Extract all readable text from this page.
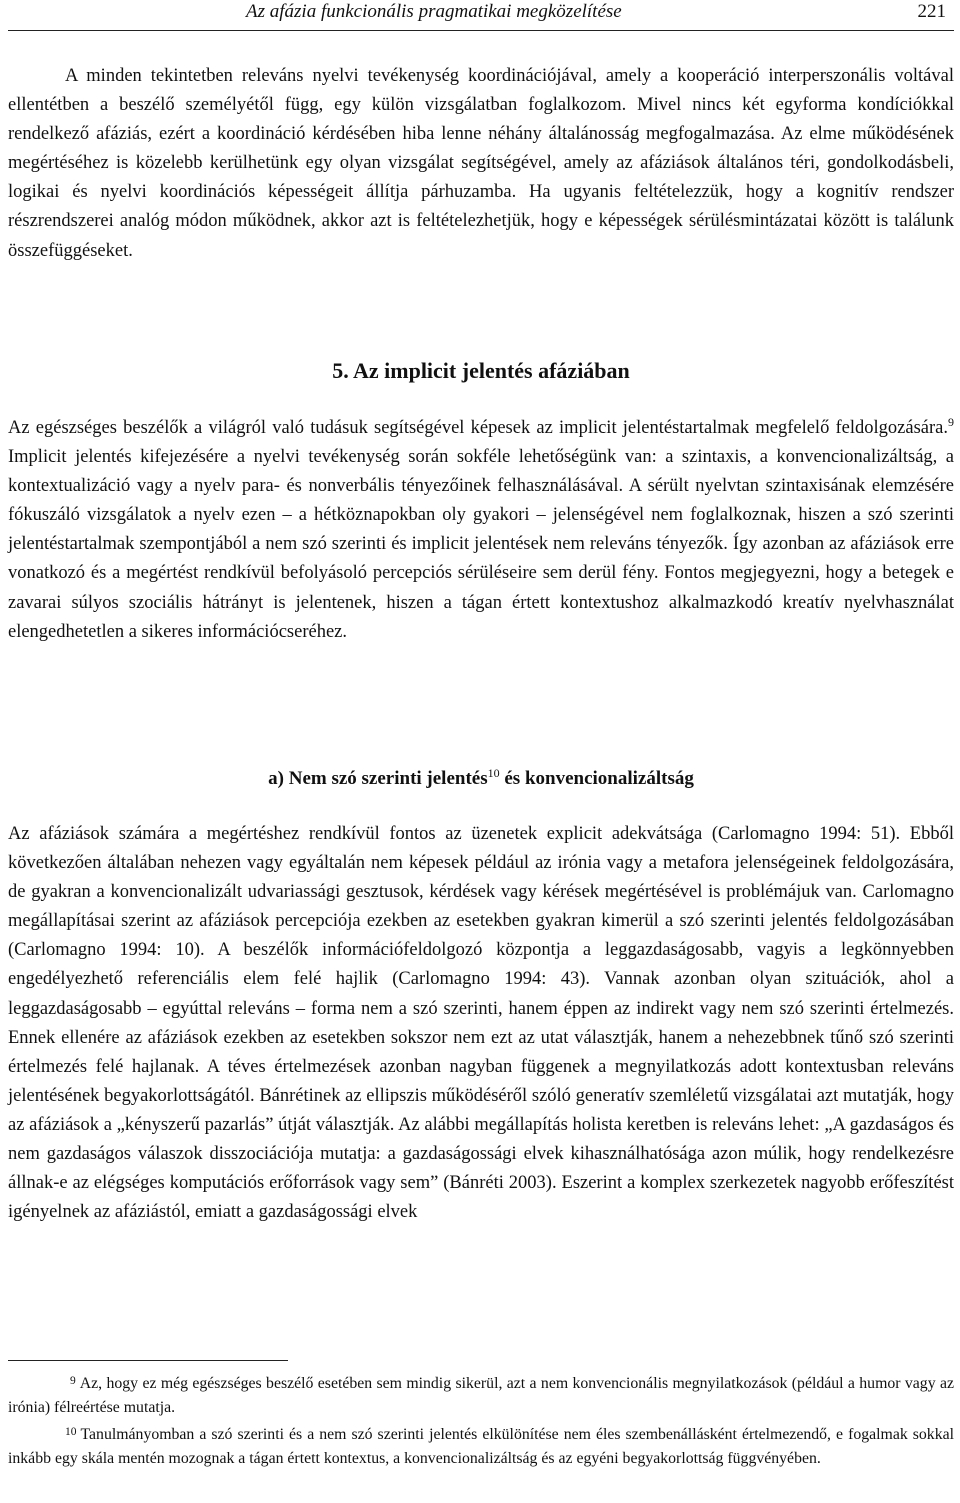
Az afázia funkcionális pragmatikai megközelítése	221

A minden tekintetben releváns nyelvi tevékenység koordinációjával, amely a kooperáció interperszonális voltával ellentétben a beszélő személyétől függ, egy külön vizsgálatban foglalkozom. Mivel nincs két egyforma kondíciókkal rendelkező afáziás, ezért a koordináció kérdésében hiba lenne néhány általánosság megfogalmazása. Az elme működésének megértéséhez is közelebb kerülhetünk egy olyan vizsgálat segítségével, amely az afáziások általános téri, gondolkodásbeli, logikai és nyelvi koordinációs képességeit állítja párhuzamba. Ha ugyanis feltételezzük, hogy a kognitív rendszer részrendszerei analóg módon működnek, akkor azt is feltételezhetjük, hogy e képességek sérülésmintázatai között is találunk összefüggéseket.

5. Az implicit jelentés afáziában

Az egészséges beszélők a világról való tudásuk segítségével képesek az implicit jelentéstartalmak megfelelő feldolgozására.$^9$ Implicit jelentés kifejezésére a nyelvi tevékenység során sokféle lehetőségünk van: a szintaxis, a konvencionalizáltság, a kontextualizáció vagy a nyelv para- és nonverbális tényezőinek felhasználásával. A sérült nyelvtan szintaxisának elemzésére fókuszáló vizsgálatok a nyelv ezen – a hétköznapokban oly gyakori – jelenségével nem foglalkoznak, hiszen a szó szerinti jelentéstartalmak szempontjából a nem szó szerinti és implicit jelentések nem releváns tényezők. Így azonban az afáziások erre vonatkozó és a megértést rendkívül befolyásoló percepciós sérüléseire sem derül fény. Fontos megjegyezni, hogy a betegek e zavarai súlyos szociális hátrányt is jelentenek, hiszen a tágan értett kontextushoz alkalmazkodó kreatív nyelvhasználat elengedhetetlen a sikeres információcseréhez.

a) Nem szó szerinti jelentés$^{10}$ és konvencionalizáltság

Az afáziások számára a megértéshez rendkívül fontos az üzenetek explicit adekvátsága (Carlomagno 1994: 51). Ebből következően általában nehezen vagy egyáltalán nem képesek például az irónia vagy a metafora jelenségeinek feldolgozására, de gyakran a konvencionalizált udvariassági gesztusok, kérdések vagy kérések megértésével is problémájuk van. Carlomagno megállapításai szerint az afáziások percepciója ezekben az esetekben gyakran kimerül a szó szerinti jelentés feldolgozásában (Carlomagno 1994: 10). A beszélők információfeldolgozó központja a leggazdaságosabb, vagyis a legkönnyebben engedélyezhető referenciális elem felé hajlik (Carlomagno 1994: 43). Vannak azonban olyan szituációk, ahol a leggazdaságosabb – egyúttal releváns – forma nem a szó szerinti, hanem éppen az indirekt vagy nem szó szerinti értelmezés. Ennek ellenére az afáziások ezekben az esetekben sokszor nem ezt az utat választják, hanem a nehezebbnek tűnő szó szerinti értelmezés felé hajlanak. A téves értelmezések azonban nagyban függenek a megnyilatkozás adott kontextusban releváns jelentésének begyakorlottságától. Bánrétinek az ellipszis működéséről szóló generatív szemléletű vizsgálatai azt mutatják, hogy az afáziások a „kényszerű pazarlás” útját választják. Az alábbi megállapítás holista keretben is releváns lehet: „A gazdaságos és nem gazdaságos válaszok disszociációja mutatja: a gazdaságossági elvek kihasználhatósága azon múlik, hogy rendelkezésre állnak-e az elégséges komputációs erőforrások vagy sem” (Bánréti 2003). Eszerint a komplex szerkezetek nagyobb erőfeszítést igényelnek az afáziástól, emiatt a gazdaságossági elvek

$^9$ Az, hogy ez még egészséges beszélő esetében sem mindig sikerül, azt a nem konvencionális megnyilatkozások (például a humor vagy az irónia) félreértése mutatja.

$^{10}$ Tanulmányomban a szó szerinti és a nem szó szerinti jelentés elkülönítése nem éles szembenállásként értelmezendő, e fogalmak sokkal inkább egy skála mentén mozognak a tágan értett kontextus, a konvencionalizáltság és az egyéni begyakorlottság függvényében.
